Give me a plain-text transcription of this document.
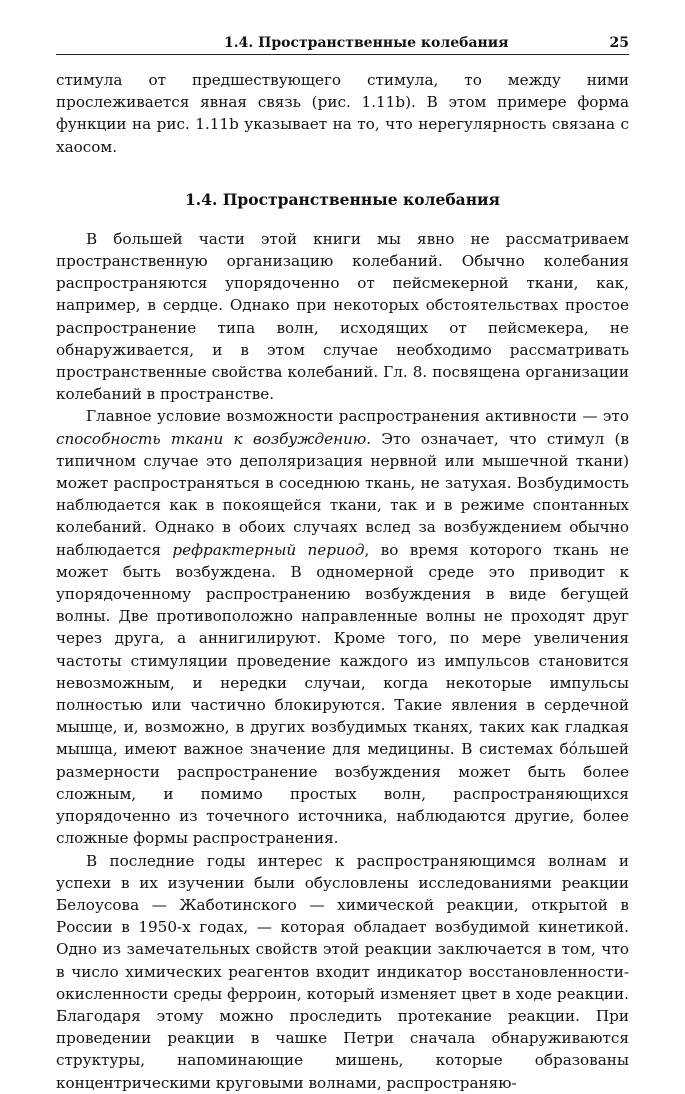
1.4. Пространственные колебания	25

стимула от предшествующего стимула, то между ними прослеживается явная связь (рис. 1.11b). В этом примере форма функции на рис. 1.11b указывает на то, что нерегулярность связана с хаосом.

1.4. Пространственные колебания

В большей части этой книги мы явно не рассматриваем пространственную организацию колебаний. Обычно колебания распространяются упорядоченно от пейсмекерной ткани, как, например, в сердце. Однако при некоторых обстоятельствах простое распространение типа волн, исходящих от пейсмекера, не обнаруживается, и в этом случае необходимо рассматривать пространственные свойства колебаний. Гл. 8. посвящена организации колебаний в пространстве.

Главное условие возможности распространения активности — это способность ткани к возбуждению. Это означает, что стимул (в типичном случае это деполяризация нервной или мышечной ткани) может распространяться в соседнюю ткань, не затухая. Возбудимость наблюдается как в покоящейся ткани, так и в режиме спонтанных колебаний. Однако в обоих случаях вслед за возбуждением обычно наблюдается рефрактерный период, во время которого ткань не может быть возбуждена. В одномерной среде это приводит к упорядоченному распространению возбуждения в виде бегущей волны. Две противоположно направленные волны не проходят друг через друга, а аннигилируют. Кроме того, по мере увеличения частоты стимуляции проведение каждого из импульсов становится невозможным, и нередки случаи, когда некоторые импульсы полностью или частично блокируются. Такие явления в сердечной мышце, и, возможно, в других возбудимых тканях, таких как гладкая мышца, имеют важное значение для медицины. В системах бо́льшей размерности распространение возбуждения может быть более сложным, и помимо простых волн, распространяющихся упорядоченно из точечного источника, наблюдаются другие, более сложные формы распространения.

В последние годы интерес к распространяющимся волнам и успехи в их изучении были обусловлены исследованиями реакции Белоусова — Жаботинского — химической реакции, открытой в России в 1950-х годах, — которая обладает возбудимой кинетикой. Одно из замечательных свойств этой реакции заключается в том, что в число химических реагентов входит индикатор восстановленности-окисленности среды ферроин, который изменяет цвет в ходе реакции. Благодаря этому можно проследить протекание реакции. При проведении реакции в чашке Петри сначала обнаруживаются структуры, напоминающие мишень, которые образованы концентрическими круговыми волнами, распространяю-
